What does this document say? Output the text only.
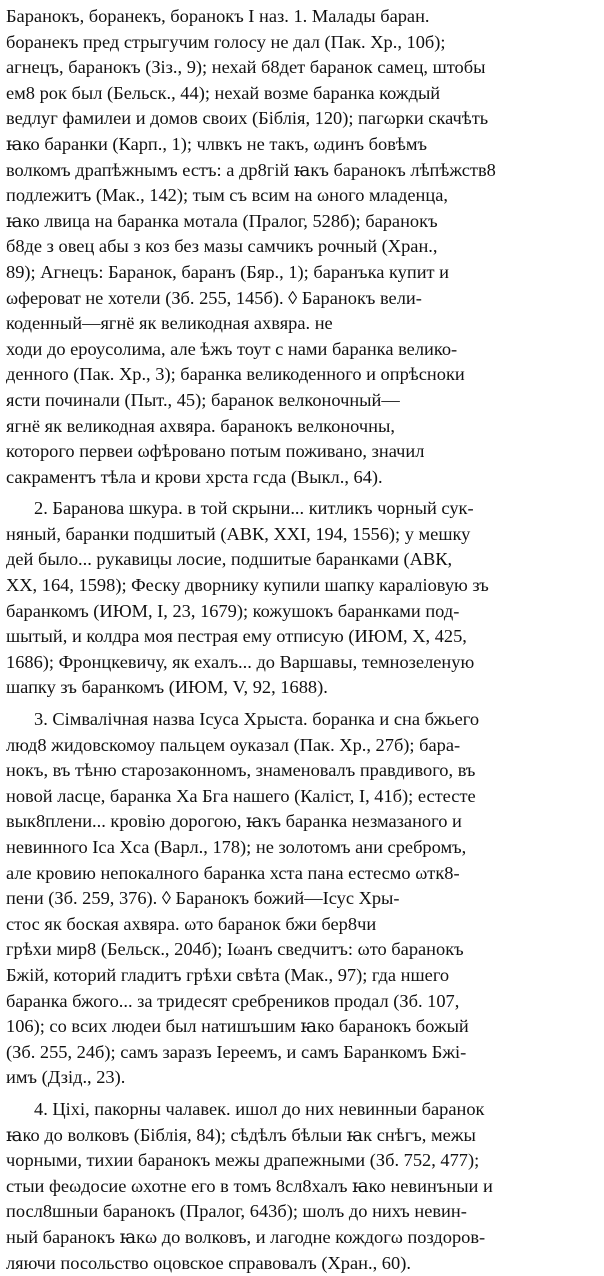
Баранокъ, боранекъ, боранокъ I наз. 1. Малады баран.
боранекъ пред стрыгучим голосу не дал (Пак. Хр., 10б);
агнецъ, баранокъ (Зіз., 9); нехай б8дет баранок самец, штобы
ем8 рок был (Бельск., 44); нехай возме баранка кождый
ведлуг фамилеи и домов своих (Біблія, 120); пагωрки скачѣть
ꙗко баранки (Карп., 1); члвкъ не такъ, ωдинъ бовѣмъ
волкомъ драпѣжнымъ естъ: а др8гій ꙗкъ баранокъ лѣпѣжств8
подлежитъ (Мак., 142); тым съ всим на ωного младенца,
ꙗко лвица на баранка мотала (Пралог, 528б); баранокъ
б8де з овец абы з коз без мазы самчикъ рочный (Хран.,
89); Агнецъ: Баранок, баранъ (Бяр., 1); баранъка купит и
ωферοват не хотели (Зб. 255, 145б). ◊ Баранокъ вели-
коденный—ягнё як великодная ахвяра. не
ходи до ероусолима, але ѣжъ тоут с нами баранка велико-
денного (Пак. Хр., 3); баранка великоденного и опрѣсноки
ясти починали (Пыт., 45); баранок велконочный—
ягнё як великодная ахвяра. баранокъ велконочны,
которого первеи ωфѣровано потым поживано, значил
сакраментъ тѣла и крови хрста гсда (Выкл., 64).
2. Баранова шкура. в той скрыни... китликъ чорный сук-
няный, баранки подшитый (АВК, XXI, 194, 1556); у мешку
дей было... рукавицы лосие, подшитые баранками (АВК,
XX, 164, 1598); Феску дворнику купили шапку караліовую зъ
баранкомъ (ИЮМ, I, 23, 1679); кожушокъ баранками под-
шытый, и колдра моя пестрая ему отписую (ИЮМ, X, 425,
1686); Фронцкевичу, як ехалъ... до Варшавы, темнозеленую
шапку зъ баранкомъ (ИЮМ, V, 92, 1688).
3. Сімвалічная назва Ісуса Хрыста. боранка и сна бжьего
люд8 жидовскомоу пальцем оуказал (Пак. Хр., 27б); бара-
нокъ, въ тѣню старозаконномъ, знаменовалъ правдивого, въ
новой ласце, баранка Ха Бга нашего (Каліст, I, 41б); естесте
вык8плени... кровію дорогою, ꙗкъ баранка незмазаного и
невинного Іса Хса (Варл., 178); не золотомъ ани сребромъ,
але кровию непокалного баранка хста пана естесмо ωтк8-
пени (Зб. 259, 376). ◊ Баранокъ божий—Ісус Хры-
стос як боская ахвяра. ωто баранок бжи бер8чи
грѣхи мир8 (Бельск., 204б); Іωанъ сведчитъ: ωто баранокъ
Бжій, которий гладитъ грѣхи свѣта (Мак., 97); гдa ншего
баранка бжого... за тридесят сребреников продал (Зб. 107,
106); со всих людеи был натишъшим ꙗко баранокъ божый
(Зб. 255, 24б); самъ заразъ Іереемъ, и самъ Баранкомъ Бжі-
имъ (Дзід., 23).
4. Ціхі, пакорны чалавек. ишол до них невинныи баранок
ꙗко до волковъ (Біблія, 84); сѣдѣлъ бѣлыи ꙗк снѣгъ, межы
чорными, тихии баранокъ межы драпежными (Зб. 752, 477);
стыи феωдосие ωхотне его в томъ 8сл8халъ ꙗко невинъныи и
посл8шныи баранокъ (Пралог, 643б); шолъ до нихъ невин-
ный баранокъ ꙗкω до волковъ, и лагодне кождогω поздоров-
ляючи посольство оцовское справовалъ (Хран., 60).
